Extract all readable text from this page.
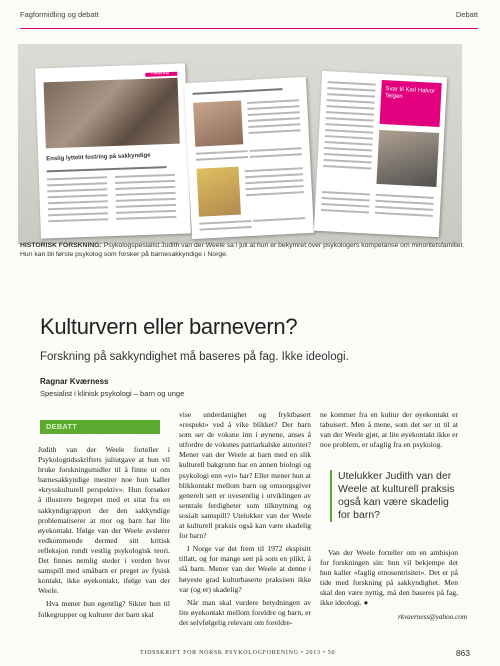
Fagformidling og debatt	Debatt
Forskning
Enslig lyttelit fostring på sakkyndige
Svar til Karl Halvor Teigen
HISTORISK FORSKNING: Psykologspesialist Judith van der Weele sa i juli at hun er bekymret over psykologers kompetanse om minoritetsfamilier. Hun kan bli første psykolog som forsker på barnesakkyndige i Norge.
Kulturvern eller barnevern?
Forskning på sakkyndighet må baseres på fag. Ikke ideologi.
Ragnar Kværness
Spesialist i klinisk psykologi – barn og unge
DEBATT BARNESAKKYNDIGHET

Judith van der Weele forteller i Psykologtidsskriftets juliutgave at hun vil bruke forskningsmidler til å finne ut om barnesakkyndige mestrer noe hun kaller «krysskulturell perspektiv». Hun forsøker å illustrere begrepet med et sitat fra en sakkyndigrapport der den sakkyndige problematiserer at mor og barn har lite øyekontakt. Ifølge van der Weele avslører vedkommende dermed sitt kritisk refleksjon rundt vestlig psykologisk teori. Det finnes nemlig steder i verden hvor samspill med småbarn er preget av fysisk kontakt, ikke øyekontakt, ifølge van der Weele.

Hva mener hun egentlig? Sikter hun til folkegrupper og kulturer der barn skal

vise underdanighet og fryktbasert «respekt» ved å vike blikket? Der barn som ser de voksne inn i øynene, anses å utfordre de voksnes patriarkalske autoritet? Mener van der Weele at barn med en slik kulturell bakgrunn har en annen biologi og psykologi enn «vi» har? Eller mener hun at blikkontakt mellom barn og omsorgsgiver generelt sett er uvesentlig i utviklingen av sentrale ferdigheter som tilknytning og sosialt samspill? Utelukker van der Weele at kulturell praksis også kan være skadelig for barn?

I Norge var det frem til 1972 ekspisitt tillatt, og for mange sett på som en plikt, å slå barn. Mener van der Weele at denne i høyeste grad kulturbaserte praksisen ikke var (og er) skadelig?

Når man skal vurdere betydningen av lite øyekontakt mellom foreldre og barn, er det selvfølgelig relevant om foreldre-

ne kommer fra en kultur der øyekontakt er tabuisert. Men å mene, som det ser ut til at van der Weele gjør, at lite øyekontakt ikke er noe problem, er ufaglig fra en psykolog.

Utelukker Judith van der Weele at kulturell praksis også kan være skadelig for barn?

Van der Weele forteller om en ambisjon for forskningen sin: hun vil bekjempe det hun kaller «faglig etnosentrisitet». Det er på tide med forskning på sakkyndighet. Men skal den være nyttig, må den baseres på fag, ikke ideologi. ●

rkvaerness@yahoo.com
TIDSSKRIFT FOR NORSK PSYKOLOGFORENING • 2013 • 50	863
